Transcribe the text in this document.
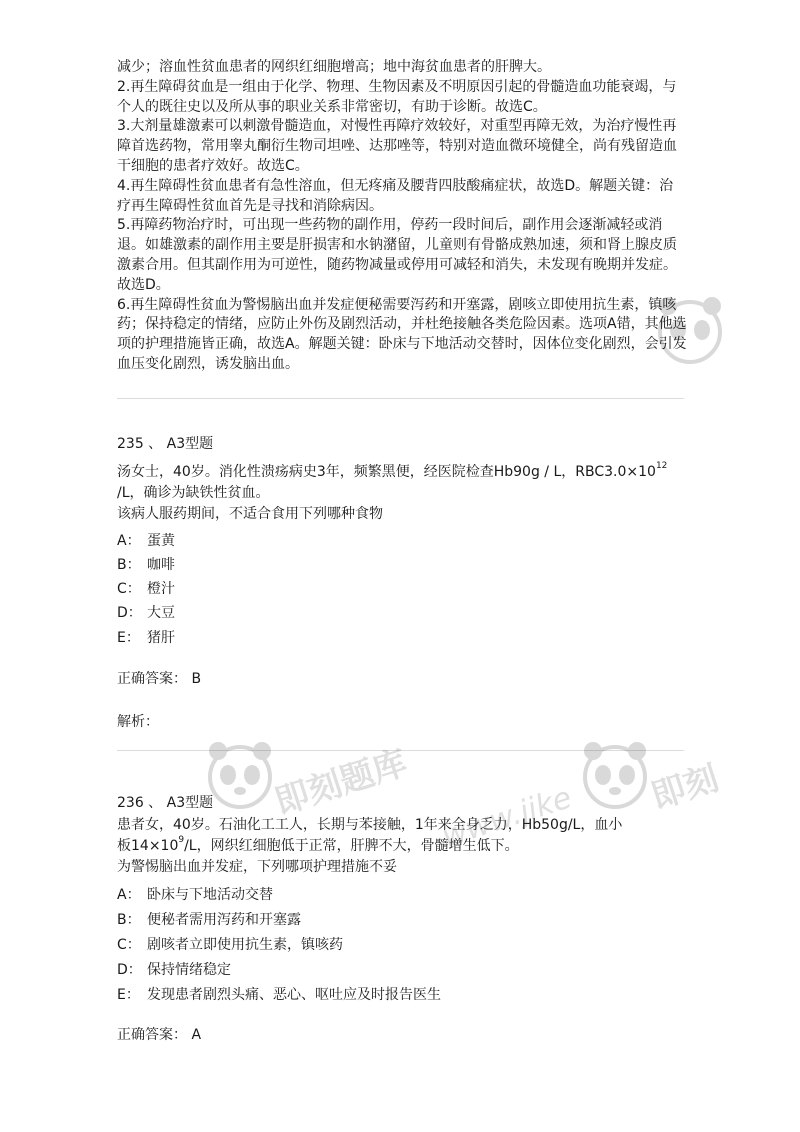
减少；溶血性贫血患者的网织红细胞增高；地中海贫血患者的肝脾大。

2.再生障碍贫血是一组由于化学、物理、生物因素及不明原因引起的骨髓造血功能衰竭，与个人的既往史以及所从事的职业关系非常密切，有助于诊断。故选C。

3.大剂量雄激素可以刺激骨髓造血，对慢性再障疗效较好，对重型再障无效，为治疗慢性再障首选药物，常用睾丸酮衍生物司坦唑、达那唑等，特别对造血微环境健全，尚有残留造血干细胞的患者疗效好。故选C。

4.再生障碍性贫血患者有急性溶血，但无疼痛及腰背四肢酸痛症状，故选D。解题关键：治疗再生障碍性贫血首先是寻找和消除病因。

5.再障药物治疗时，可出现一些药物的副作用，停药一段时间后，副作用会逐渐减轻或消退。如雄激素的副作用主要是肝损害和水钠潴留，儿童则有骨骼成熟加速，须和肾上腺皮质激素合用。但其副作用为可逆性，随药物减量或停用可减轻和消失，未发现有晚期并发症。故选D。

6.再生障碍性贫血为警惕脑出血并发症便秘需要泻药和开塞露，剧咳立即使用抗生素，镇咳药；保持稳定的情绪，应防止外伤及剧烈活动，并杜绝接触各类危险因素。选项A错，其他选项的护理措施皆正确，故选A。解题关键：卧床与下地活动交替时，因体位变化剧烈，会引发血压变化剧烈，诱发脑出血。

235 、 A3型题

汤女士，40岁。消化性溃疡病史3年，频繁黑便，经医院检查Hb90g / L，$RBC3.0\times 10^{12}$

/L，确诊为缺铁性贫血。

该病人服药期间，不适合食用下列哪种食物

A： 蛋黄
B： 咖啡
C： 橙汁
D： 大豆
E： 猪肝
正确答案： B
解析：
236 、 A3型题

患者女，40岁。石油化工工人，长期与苯接触，1年来全身乏力，Hb50g/L，血小

板$14\times 10^9/L$，网织红细胞低于正常，肝脾不大，骨髓增生低下。

为警惕脑出血并发症，下列哪项护理措施不妥

A： 卧床与下地活动交替
B： 便秘者需用泻药和开塞露
C： 剧咳者立即使用抗生素，镇咳药
D： 保持情绪稳定
E： 发现患者剧烈头痛、恶心、呕吐应及时报告医生
正确答案： A
即刻题库	即刻
www.jike
